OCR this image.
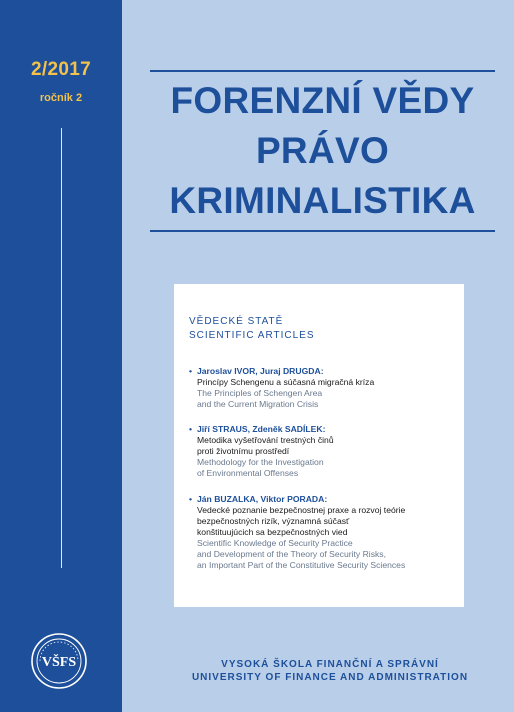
2/2017
ročník 2	FORENZNÍ VĚDY
PRÁVO
KRIMINALISTIKA
VĚDECKÉ STATĚ
SCIENTIFIC ARTICLES
• Jaroslav IVOR, Juraj DRUGDA:
Princípy Schengenu a súčasná migračná kríza
The Principles of Schengen Area
and the Current Migration Crisis
• Jiří STRAUS, Zdeněk SADÍLEK:
Metodika vyšetřování trestných činů
proti životnímu prostředí
Methodology for the Investigation
of Environmental Offenses
• Ján BUZALKA, Viktor PORADA:
Vedecké poznanie bezpečnostnej praxe a rozvoj teórie
bezpečnostných rizík, významná súčasť
konštituujúcich sa bezpečnostných vied
Scientific Knowledge of Security Practice
and Development of the Theory of Security Risks,
an Important Part of the Constitutive Security Sciences
VŠFS	VYSOKÁ ŠKOLA FINANČNÍ A SPRÁVNÍ
UNIVERSITY OF FINANCE AND ADMINISTRATION
